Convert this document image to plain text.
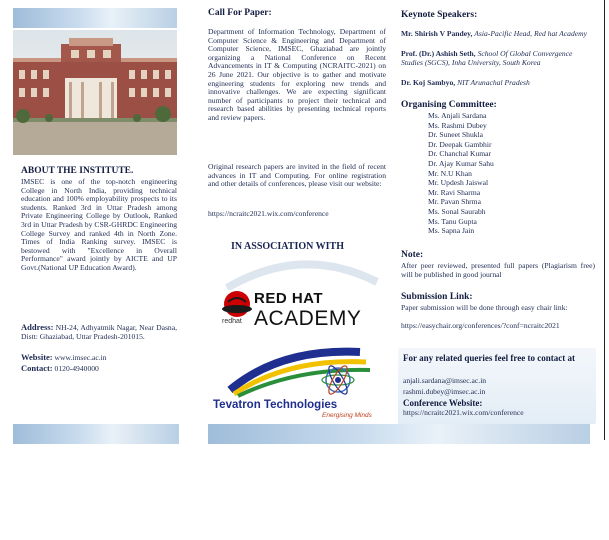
ABOUT THE INSTITUTE.
IMSEC is one of the top-notch engineering College in North India, providing technical education and 100% employability prospects to its students. Ranked 3rd in Uttar Pradesh among Private Engineering College by Outlook, Ranked 3rd in Uttar Pradesh by CSR-GHRDC Engineering College Survey and ranked 4th in North Zone. Times of India Ranking survey. IMSEC is bestowed with "Excellence in Overall Performance" award jointly by AICTE and UP Govt.(National UP Education Award).
Address: NH-24, Adhyatmik Nagar, Near Dasna, Distt: Ghaziabad, Uttar Pradesh-201015.
Website: www.imsec.ac.in
Contact: 0120-4940000
Call For Paper:
Department of Information Technology, Department of Computer Science & Engineering and Department of Computer Science, IMSEC, Ghaziabad are jointly organizing a National Conference on Recent Advancements in IT & Computing (NCRAITC-2021) on 26 June 2021. Our objective is to gather and motivate engineering students for exploring new trends and innovative challenges. We are expecting significant number of participants to project their technical and research based abilities by presenting technical reports and review papers.
Original research papers are invited in the field of recent advances in IT and Computing. For online registration and other details of conferences, please visit our website:
https://ncraitc2021.wix.com/conference
IN ASSOCIATION WITH
redhat
RED HAT
ACADEMY
Tevatron Technologies
Energising Minds
Keynote Speakers:
Mr. Shirish V Pandey, Asia-Pacific Head, Red hat Academy
Prof. (Dr.) Ashish Seth, School Of Global Convergence Studies (SGCS), Inha University, South Korea
Dr. Koj Sambyo, NIT Arunachal Pradesh
Organising Committee:
Ms. Anjali Sardana
Ms. Rashmi Dubey
Dr. Suneet Shukla
Dr. Deepak Gambhir
Dr. Chanchal Kumar
Dr. Ajay Kumar Sahu
Mr. N.U Khan
Mr. Updesh Jaiswal
Mr. Ravi Sharma
Mr. Pavan Shrma
Ms. Sonal Saurabh
Ms. Tanu Gupta
Ms. Sapna Jain
Note:
After peer reviewed, presented full papers (Plagiarism free) will be published in good journal
Submission Link:
Paper submission will be done through easy chair link:
https://easychair.org/conferences/?conf=ncraitc2021
For any related queries feel free to contact at
anjali.sardana@imsec.ac.in
rashmi.dubey@imsec.ac.in
Conference Website:
https://ncraitc2021.wix.com/conference
